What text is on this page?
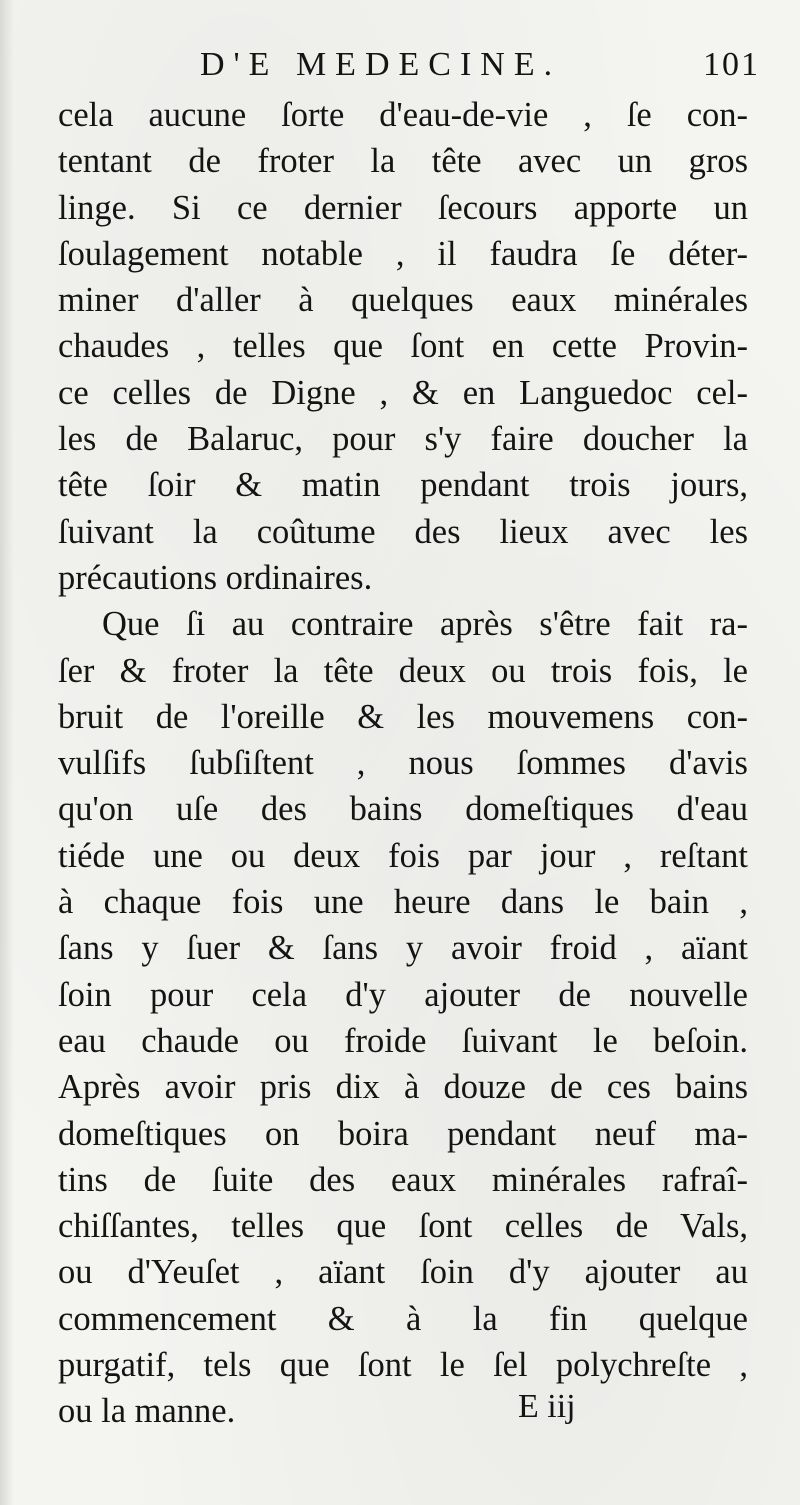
D'E MEDECINE.	101
cela aucune ſorte d'eau-de-vie , ſe con-
tentant de froter la tête avec un gros
linge. Si ce dernier ſecours apporte un
ſoulagement notable , il faudra ſe déter-
miner d'aller à quelques eaux minérales
chaudes , telles que ſont en cette Provin-
ce celles de Digne , & en Languedoc cel-
les de Balaruc, pour s'y faire doucher la
tête ſoir & matin pendant trois jours,
ſuivant la coûtume des lieux avec les
précautions ordinaires.
Que ſi au contraire après s'être fait ra-
ſer & froter la tête deux ou trois fois, le
bruit de l'oreille & les mouvemens con-
vulſifs ſubſiſtent , nous ſommes d'avis
qu'on uſe des bains domeſtiques d'eau
tiéde une ou deux fois par jour , reſtant
à chaque fois une heure dans le bain ,
ſans y ſuer & ſans y avoir froid , aïant
ſoin pour cela d'y ajouter de nouvelle
eau chaude ou froide ſuivant le beſoin.
Après avoir pris dix à douze de ces bains
domeſtiques on boira pendant neuf ma-
tins de ſuite des eaux minérales rafraî-
chiſſantes, telles que ſont celles de Vals,
ou d'Yeuſet , aïant ſoin d'y ajouter au
commencement & à la fin quelque
purgatif, tels que ſont le ſel polychreſte ,
ou la manne.	E iij
